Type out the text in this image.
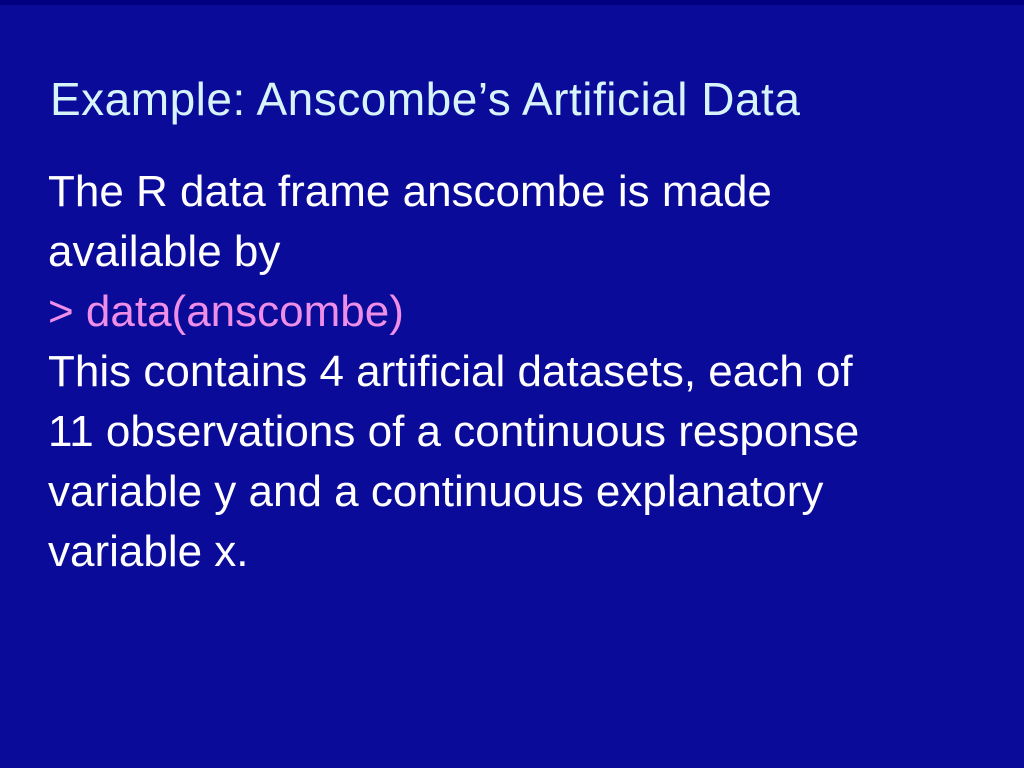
Example: Anscombe’s Artificial Data
The R data frame anscombe is made
available by
> data(anscombe)
This contains 4 artificial datasets, each of
11 observations of a continuous response
variable y and a continuous explanatory
variable x.
